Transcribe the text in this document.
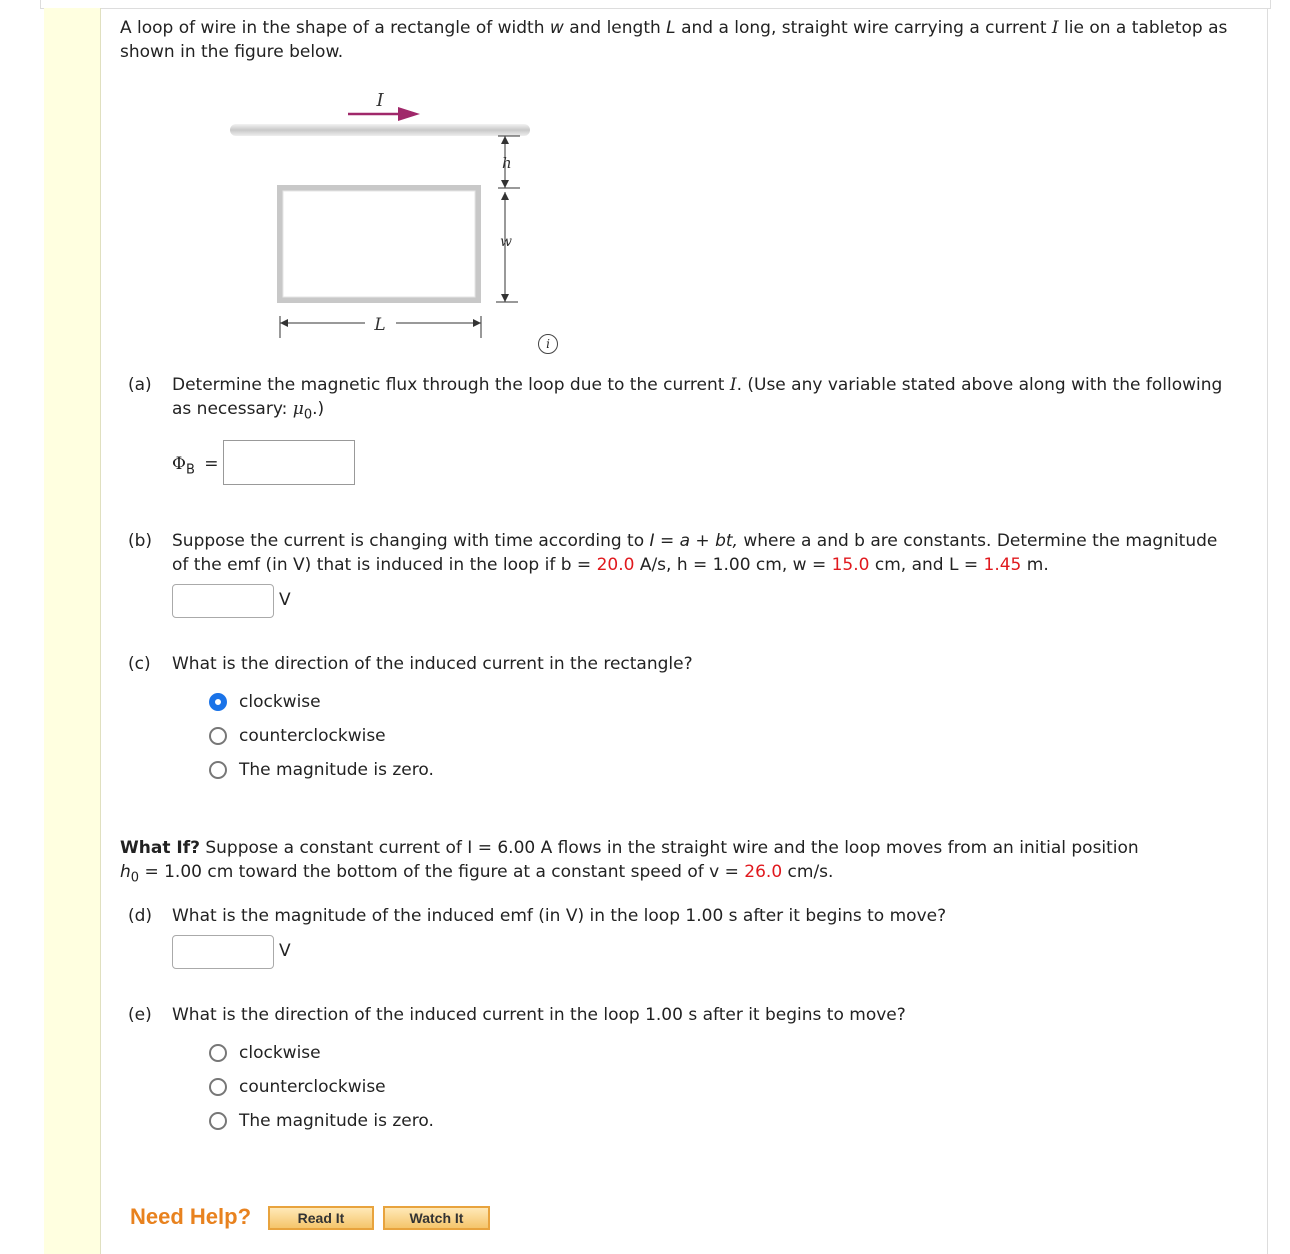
A loop of wire in the shape of a rectangle of width w and length L and a long, straight wire carrying a current I lie on a tabletop as
shown in the figure below.
I
h
w
L
i
(a) Determine the magnetic flux through the loop due to the current I. (Use any variable stated above along with the following
as necessary: $\mu_0$.)
$\Phi_B$ =
(b) Suppose the current is changing with time according to I = a + bt, where a and b are constants. Determine the magnitude
of the emf (in V) that is induced in the loop if b = 20.0 A/s, h = 1.00 cm, w = 15.0 cm, and L = 1.45 m.
V
(c) What is the direction of the induced current in the rectangle?
clockwise
counterclockwise
The magnitude is zero.
What If? Suppose a constant current of I = 6.00 A flows in the straight wire and the loop moves from an initial position
$h_0 = 1.00$ cm toward the bottom of the figure at a constant speed of v = 26.0 cm/s.
(d) What is the magnitude of the induced emf (in V) in the loop 1.00 s after it begins to move?
V
(e) What is the direction of the induced current in the loop 1.00 s after it begins to move?
clockwise
counterclockwise
The magnitude is zero.
Need Help?	Read It	Watch It
